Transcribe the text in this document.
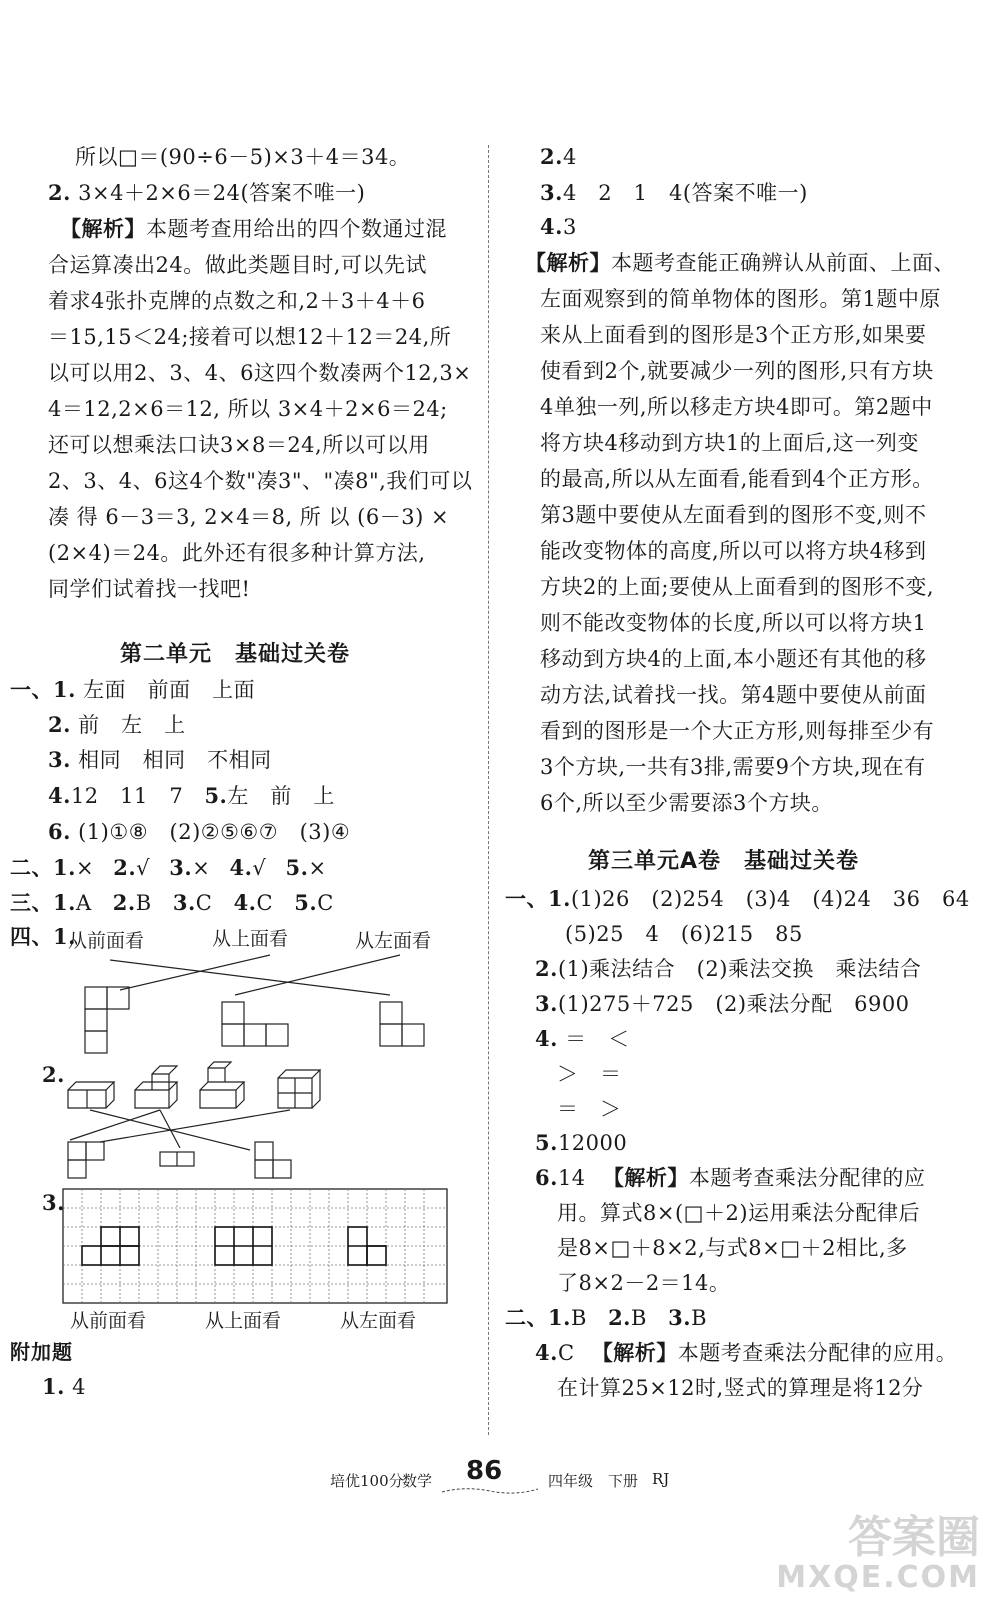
所以□＝(90÷6－5)×3＋4＝34。
2. 3×4＋2×6＝24(答案不唯一)
【解析】本题考查用给出的四个数通过混
合运算凑出24。做此类题目时,可以先试
着求4张扑克牌的点数之和,2＋3＋4＋6
＝15,15＜24;接着可以想12＋12＝24,所
以可以用2、3、4、6这四个数凑两个12,3×
4＝12,2×6＝12, 所以 3×4＋2×6＝24;
还可以想乘法口诀3×8＝24,所以可以用
2、3、4、6这4个数"凑3"、"凑8",我们可以
凑 得 6－3＝3, 2×4＝8, 所 以 (6－3) ×
(2×4)＝24。此外还有很多种计算方法,
同学们试着找一找吧!
第二单元　基础过关卷
一、1. 左面　前面　上面
2. 前　左　上
3. 相同　相同　不相同
4.12　11　7 5.左　前　上
6. (1)①⑧　(2)②⑤⑥⑦　(3)④
二、1.× 2.√ 3.× 4.√ 5.×
三、1.A 2.B 3.C 4.C 5.C
四、1.
从前面看	从上面看	从左面看
2.
3.
从前面看	从上面看	从左面看
附加题
1. 4
2.4
3.4　2　1　4(答案不唯一)
4.3
【解析】本题考查能正确辨认从前面、上面、
左面观察到的简单物体的图形。第1题中原
来从上面看到的图形是3个正方形,如果要
使看到2个,就要减少一列的图形,只有方块
4单独一列,所以移走方块4即可。第2题中
将方块4移动到方块1的上面后,这一列变
的最高,所以从左面看,能看到4个正方形。
第3题中要使从左面看到的图形不变,则不
能改变物体的高度,所以可以将方块4移到
方块2的上面;要使从上面看到的图形不变,
则不能改变物体的长度,所以可以将方块1
移动到方块4的上面,本小题还有其他的移
动方法,试着找一找。第4题中要使从前面
看到的图形是一个大正方形,则每排至少有
3个方块,一共有3排,需要9个方块,现在有
6个,所以至少需要添3个方块。
第三单元A卷　基础过关卷
一、1.(1)26　(2)254　(3)4　(4)24　36　64
(5)25　4　(6)215　85
2.(1)乘法结合　(2)乘法交换　乘法结合
3.(1)275＋725　(2)乘法分配　6900
4. ＝　＜
＞　＝
＝　＞
5.12000
6.14 【解析】本题考查乘法分配律的应
用。算式8×(□＋2)运用乘法分配律后
是8×□＋8×2,与式8×□＋2相比,多
了8×2－2＝14。
二、1.B 2.B 3.B
4.C 【解析】本题考查乘法分配律的应用。
在计算25×12时,竖式的算理是将12分
培优100分
数学 86	四年级 下册 RJ
答案圈
MXQE.COM
